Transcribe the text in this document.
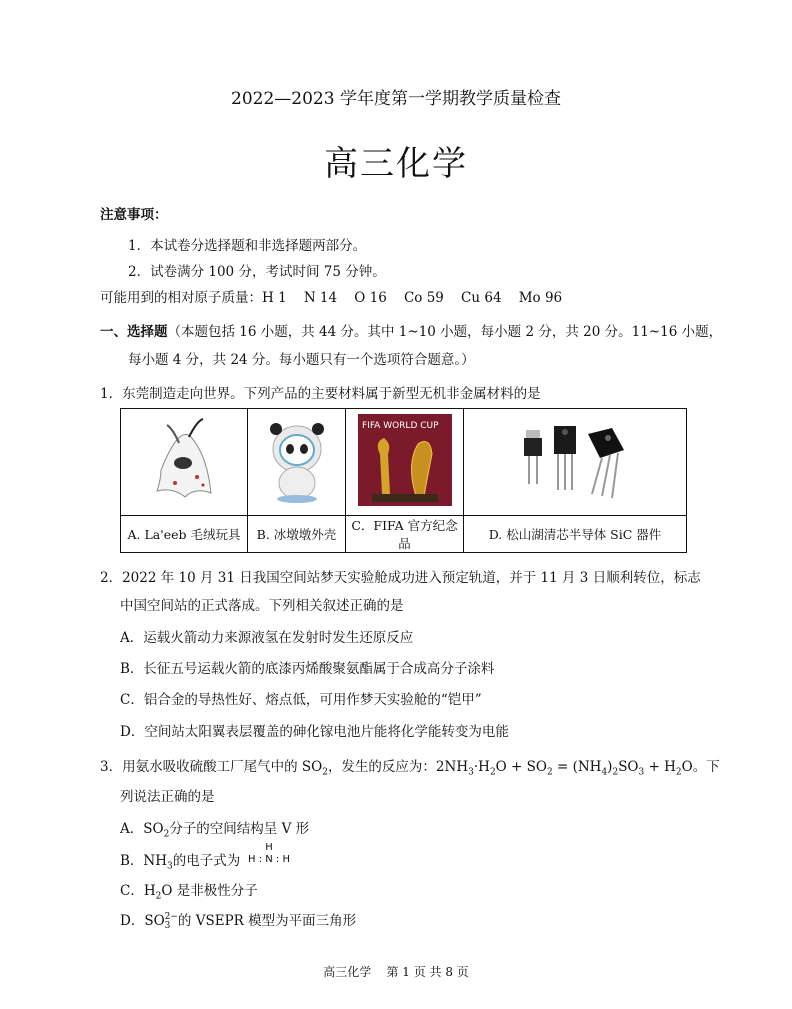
2022—2023 学年度第一学期教学质量检查
高三化学
注意事项：
1．本试卷分选择题和非选择题两部分。
2．试卷满分 100 分，考试时间 75 分钟。
可能用到的相对原子质量：H 1    N 14    O 16    Co 59    Cu 64    Mo 96
一、选择题（本题包括 16 小题，共 44 分。其中 1~10 小题，每小题 2 分，共 20 分。11~16 小题，
每小题 4 分，共 24 分。每小题只有一个选项符合题意。）
1．东莞制造走向世界。下列产品的主要材料属于新型无机非金属材料的是

FIFA WORLD CUP

A. La'eeb 毛绒玩具	B. 冰墩墩外壳	C．FIFA 官方纪念品	D. 松山湖清芯半导体 SiC 器件
2．2022 年 10 月 31 日我国空间站梦天实验舱成功进入预定轨道，并于 11 月 3 日顺利转位，标志
中国空间站的正式落成。下列相关叙述正确的是
A．运载火箭动力来源液氢在发射时发生还原反应
B．长征五号运载火箭的底漆丙烯酸聚氨酯属于合成高分子涂料
C．铝合金的导热性好、熔点低，可用作梦天实验舱的“铠甲”
D．空间站太阳翼表层覆盖的砷化镓电池片能将化学能转变为电能
3．用氨水吸收硫酸工厂尾气中的 $SO_2$，发生的反应为：$2NH_3\cdot H_2O + SO_2 = (NH_4)_2SO_3 + H_2O$。下
列说法正确的是
A．$SO_2$分子的空间结构呈 V 形
B．$NH_3$的电子式为
H
H : N : H
C．$H_2O$ 是非极性分子
D．SO 2−
3 的 VSEPR 模型为平面三角形
高三化学    第 1 页 共 8 页
